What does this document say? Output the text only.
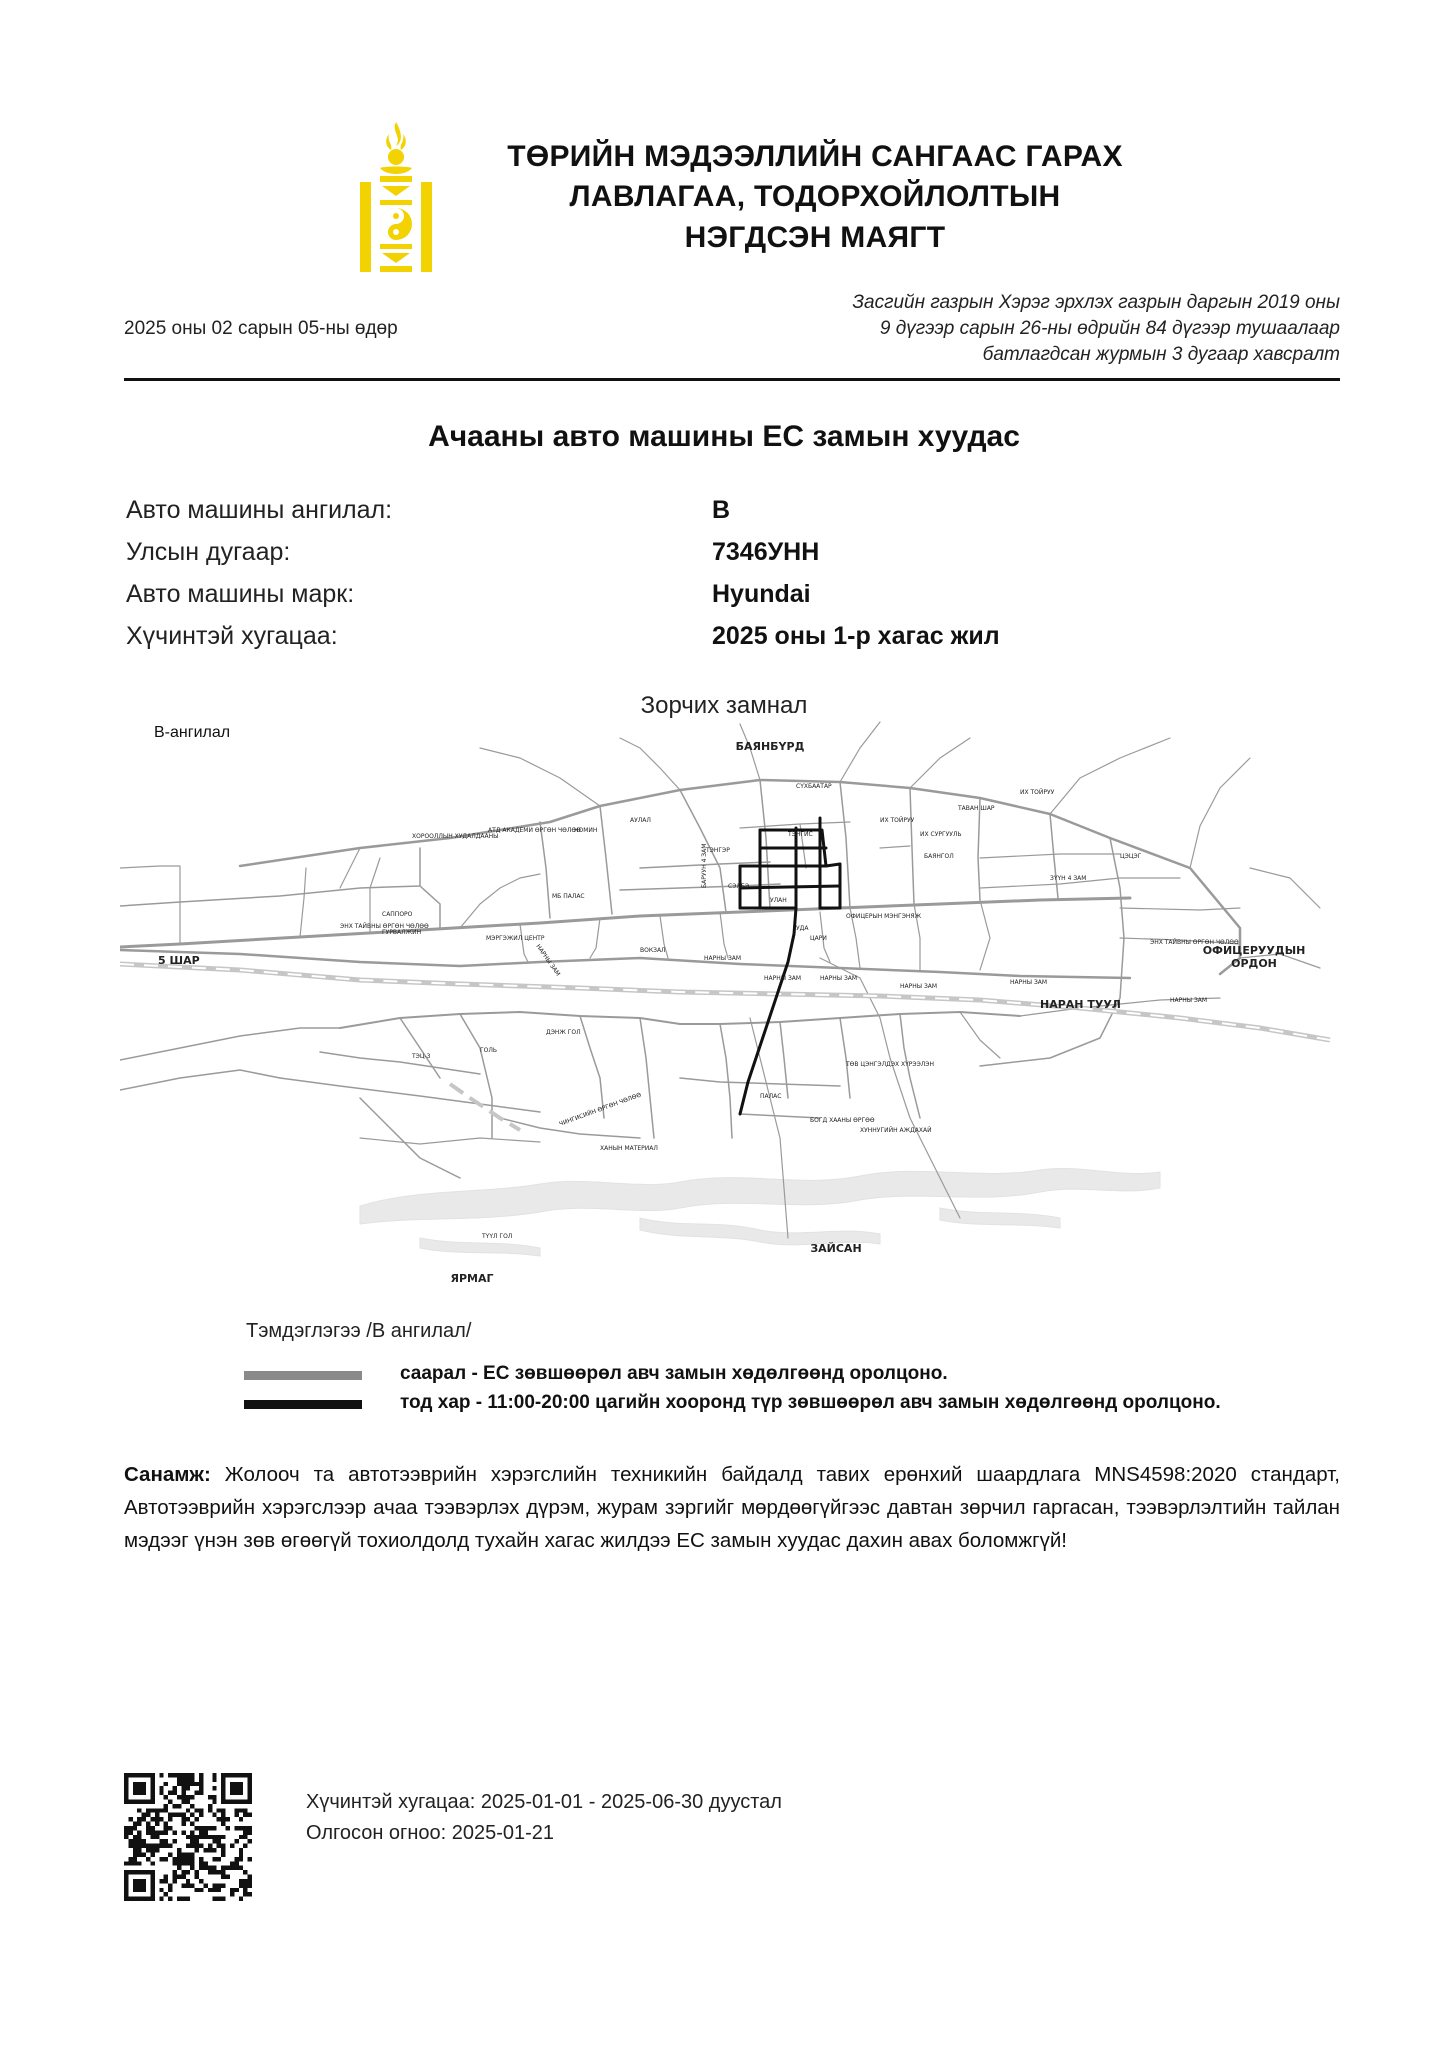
ТӨРИЙН МЭДЭЭЛЛИЙН САНГААС ГАРАХ
ЛАВЛАГАА, ТОДОРХОЙЛОЛТЫН
НЭГДСЭН МАЯГТ
2025 оны 02 сарын 05-ны өдөр
Засгийн газрын Хэрэг эрхлэх газрын даргын 2019 оны
9 дүгээр сарын 26-ны өдрийн 84 дүгээр тушаалаар
батлагдсан журмын 3 дугаар хавсралт
Ачааны авто машины ЕС замын хуудас
Авто машины ангилал:	B
Улсын дугаар:	7346УНН
Авто машины марк:	Hyundai
Хүчинтэй хугацаа:	2025 оны 1-р хагас жил
Зорчих замнал
БАЯНБҮРД
5 ШАР
НАРАН ТУУЛ
ОФИЦЕРУУДЫН
ОРДОН
ЗАЙСАН
ЯРМАГ
ХОРООЛЛЫН ХУДАЛДААНЫ
АТД АКАДЕМИ ӨРГӨН ЧӨЛӨӨ
НОМИН
АУЛАЛ
ЭНХ ТАЙВНЫ ӨРГӨН ЧӨЛӨӨ
НАРНЫ ЗАМ	ВОКЗАЛ
ЗҮҮН 4 ЗАМ
ИХ ТОЙРУУ
БАРУУН 4 ЗАМ
ТЭНГИС
УЛАН
ГУРВАЛЖИН
МЭРГЭЖИЛ ЦЕНТР
ДЭНЖ ГОЛ
ТЭЦ-3
ГОЛЬ
ЧИНГИСИЙН ӨРГӨН ЧӨЛӨӨ
ХАНЫН МАТЕРИАЛ
ТҮҮЛ ГОЛ
ПАЛАС
БОГД ХААНЫ ӨРГӨӨ
ХУННУГИЙН АЖДАХАЙ
ЭНХ ТАЙВНЫ ӨРГӨН ЧӨЛӨӨ
СЭЛБЭ
УДА
ОФИЦЕРЫН МЭНГЭНЯЖ
НАРНЫ ЗАМ
НАРНЫ ЗАМ
НАРНЫ ЗАМ
НАРНЫ ЗАМ
НАРНЫ ЗАМ
НАРНЫ ЗАМ
ТӨВ ЦЭНГЭЛДЭХ ХҮРЭЭЛЭН
ИХ СУРГУУЛЬ
ЦАРИ
ТЭНГЭР
САППОРО
МБ ПАЛАС
ИХ ТОЙРУУ
БАЯНГОЛ
ТАВАН ШАР
ЦЭЦЭГ
СҮХБААТАР
B-ангилал
Тэмдэглэгээ /B ангилал/
саарал - ЕС зөвшөөрөл авч замын хөдөлгөөнд оролцоно.
тод хар - 11:00-20:00 цагийн хооронд түр зөвшөөрөл авч замын хөдөлгөөнд оролцоно.
Санамж: Жолооч та автотээврийн хэрэгслийн техникийн байдалд тавих ерөнхий шаардлага MNS4598:2020 стандарт, Автотээврийн хэрэгслээр ачаа тээвэрлэх дүрэм, журам зэргийг мөрдөөгүйгээс давтан зөрчил гаргасан, тээвэрлэлтийн тайлан мэдээг үнэн зөв өгөөгүй тохиолдолд тухайн хагас жилдээ ЕС замын хуудас дахин авах боломжгүй!
Хүчинтэй хугацаа: 2025-01-01 - 2025-06-30 дуустал
Олгосон огноо: 2025-01-21
